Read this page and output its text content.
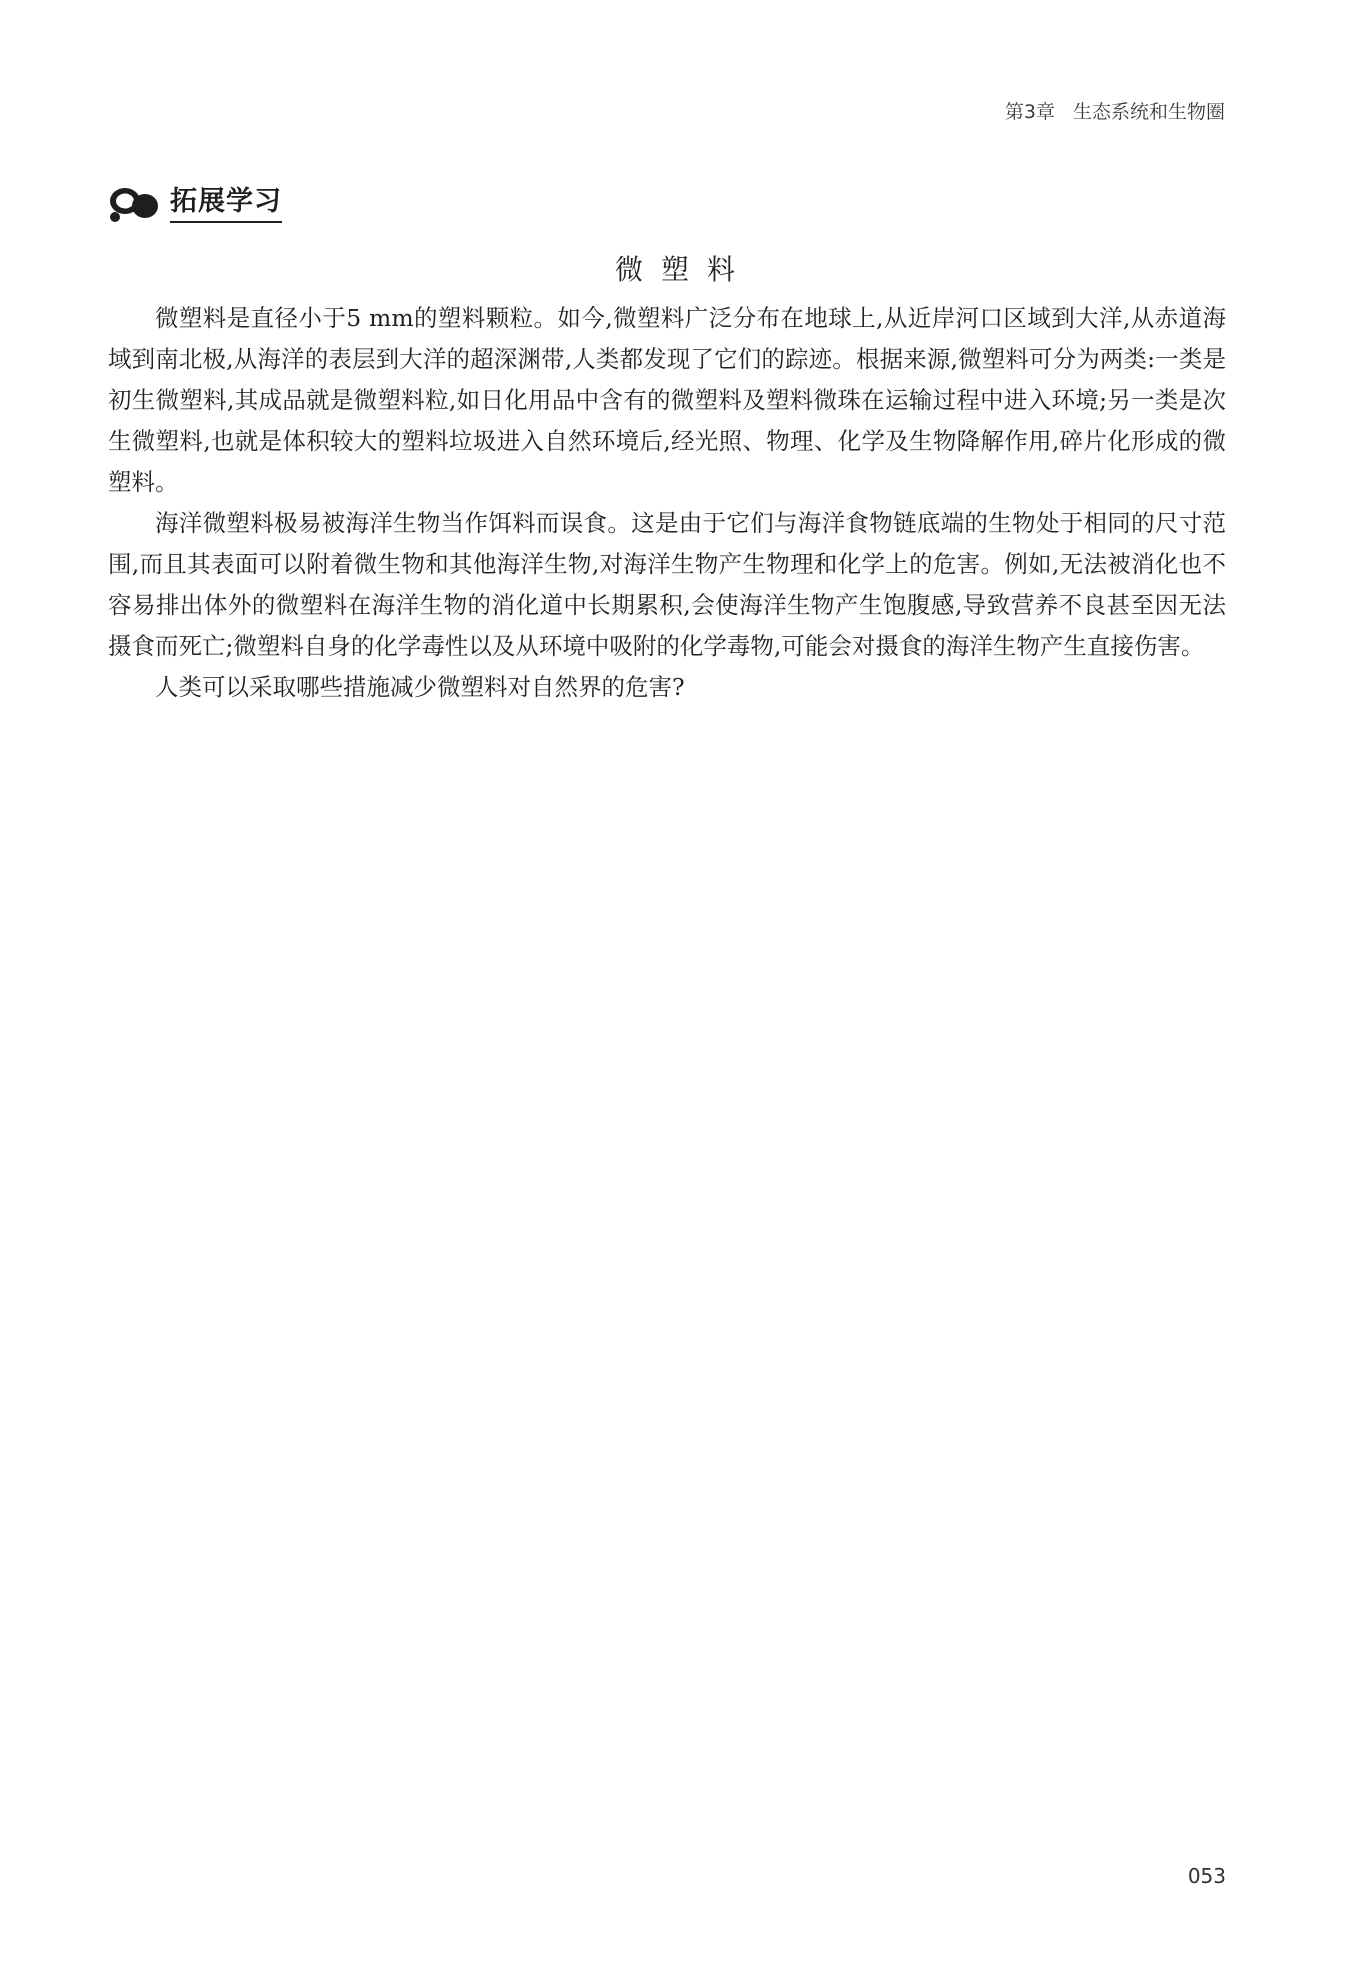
第3章 生态系统和生物圈
拓展学习
微塑料

微塑料是直径小于5 mm的塑料颗粒。如今,微塑料广泛分布在地球上,从近岸河口区域到大洋,从赤道海域到南北极,从海洋的表层到大洋的超深渊带,人类都发现了它们的踪迹。根据来源,微塑料可分为两类:一类是初生微塑料,其成品就是微塑料粒,如日化用品中含有的微塑料及塑料微珠在运输过程中进入环境;另一类是次生微塑料,也就是体积较大的塑料垃圾进入自然环境后,经光照、物理、化学及生物降解作用,碎片化形成的微塑料。

海洋微塑料极易被海洋生物当作饵料而误食。这是由于它们与海洋食物链底端的生物处于相同的尺寸范围,而且其表面可以附着微生物和其他海洋生物,对海洋生物产生物理和化学上的危害。例如,无法被消化也不容易排出体外的微塑料在海洋生物的消化道中长期累积,会使海洋生物产生饱腹感,导致营养不良甚至因无法摄食而死亡;微塑料自身的化学毒性以及从环境中吸附的化学毒物,可能会对摄食的海洋生物产生直接伤害。

人类可以采取哪些措施减少微塑料对自然界的危害?

053
